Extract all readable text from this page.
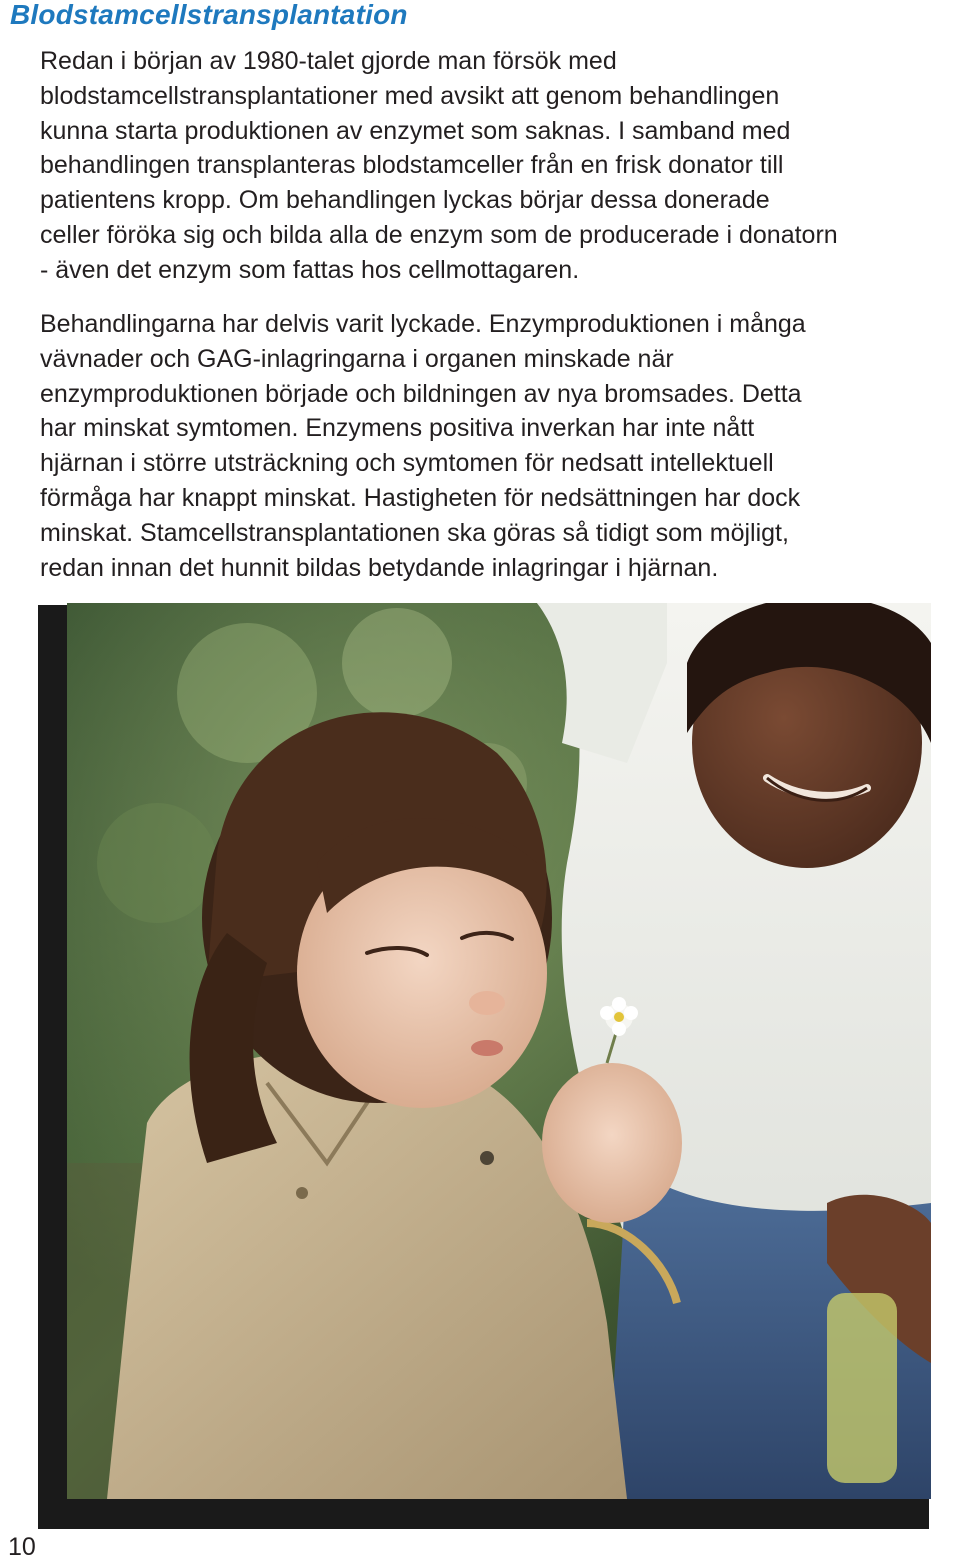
Blodstamcellstransplantation

Redan i början av 1980-talet gjorde man försök med
blodstamcellstransplantationer med avsikt att genom behandlingen
kunna starta produktionen av enzymet som saknas. I samband med
behandlingen transplanteras blodstamceller från en frisk donator till
patientens kropp. Om behandlingen lyckas börjar dessa donerade
celler föröka sig och bilda alla de enzym som de producerade i donatorn
- även det enzym som fattas hos cellmottagaren.

Behandlingarna har delvis varit lyckade. Enzymproduktionen i många
vävnader och GAG-inlagringarna i organen minskade när
enzymproduktionen började och bildningen av nya bromsades. Detta
har minskat symtomen. Enzymens positiva inverkan har inte nått
hjärnan i större utsträckning och symtomen för nedsatt intellektuell
förmåga har knappt minskat. Hastigheten för nedsättningen har dock
minskat. Stamcellstransplantationen ska göras så tidigt som möjligt,
redan innan det hunnit bildas betydande inlagringar i hjärnan.

10
